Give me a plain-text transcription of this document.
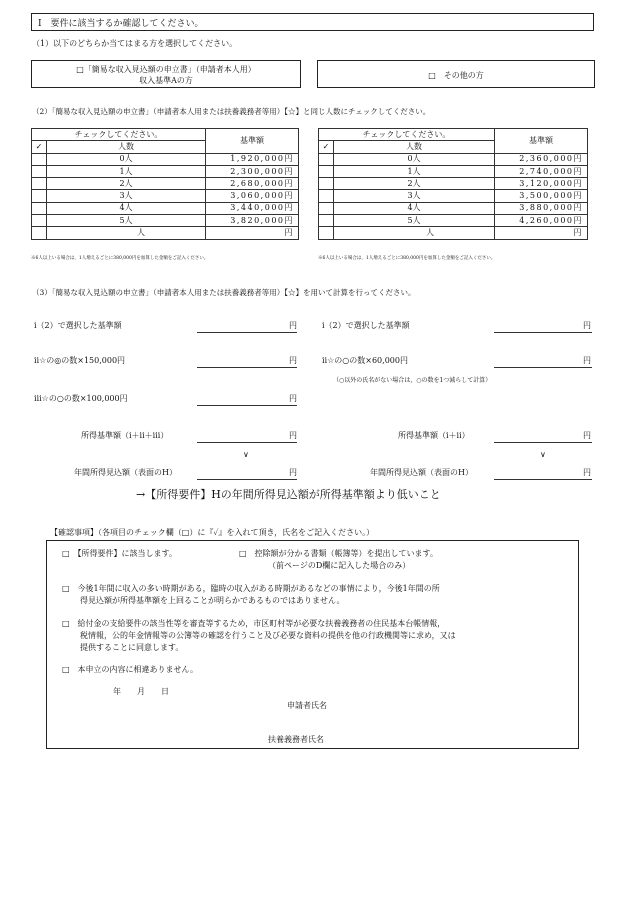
Ⅰ　要件に該当するか確認してください。
（1）以下のどちらか当てはまる方を選択してください。
□「簡易な収入見込額の申立書」（申請者本人用）
収入基準Aの方
□　その他の方
（2）「簡易な収入見込額の申立書」（申請者本人用または扶養義務者等用）【☆】と同じ人数にチェックしてください。
チェックしてください。		基準額
✓	人数	
	0人	1,920,000円
	1人	2,300,000円
	2人	2,680,000円
	3人	3,060,000円
	4人	3,440,000円
	5人	3,820,000円
	人	円
※6人以上いる場合は，1人増えるごとに380,000円を加算した金額をご記入ください。
チェックしてください。		基準額
✓	人数	
	0人	2,360,000円
	1人	2,740,000円
	2人	3,120,000円
	3人	3,500,000円
	4人	3,880,000円
	5人	4,260,000円
	人	円
※6人以上いる場合は，1人増えるごとに380,000円を加算した金額をご記入ください。
（3）「簡易な収入見込額の申立書」（申請者本人用または扶養義務者等用）【☆】を用いて計算を行ってください。
ⅰ（2）で選択した基準額	円
ⅱ☆の◎の数×150,000円	円
ⅲ☆の○の数×100,000円	円
所得基準額（ⅰ＋ⅱ＋ⅲ）	円
∨
年間所得見込額（表面のH）	円
ⅰ（2）で選択した基準額	円
ⅱ☆の○の数×60,000円	円
（○以外の氏名がない場合は，○の数を1つ減らして計算）
所得基準額（ⅰ＋ⅱ）	円
∨
年間所得見込額（表面のH）	円
→【所得要件】Hの年間所得見込額が所得基準額より低いこと
【確認事項】（各項目のチェック欄（□）に『✓』を入れて頂き，氏名をご記入ください。）
□　【所得要件】に該当します。	□　控除額が分かる書類（帳簿等）を提出しています。
（前ページのD欄に記入した場合のみ）
□　今後1年間に収入の多い時期がある，臨時の収入がある時期があるなどの事情により，今後1年間の所
得見込額が所得基準額を上回ることが明らかであるものではありません。
□　給付金の支給要件の該当性等を審査等するため，市区町村等が必要な扶養義務者の住民基本台帳情報，
税情報，公的年金情報等の公簿等の確認を行うこと及び必要な資料の提供を他の行政機関等に求め，又は
提供することに同意します。
□　本申立の内容に相違ありません。
年　　月　　日
申請者氏名
扶養義務者氏名
